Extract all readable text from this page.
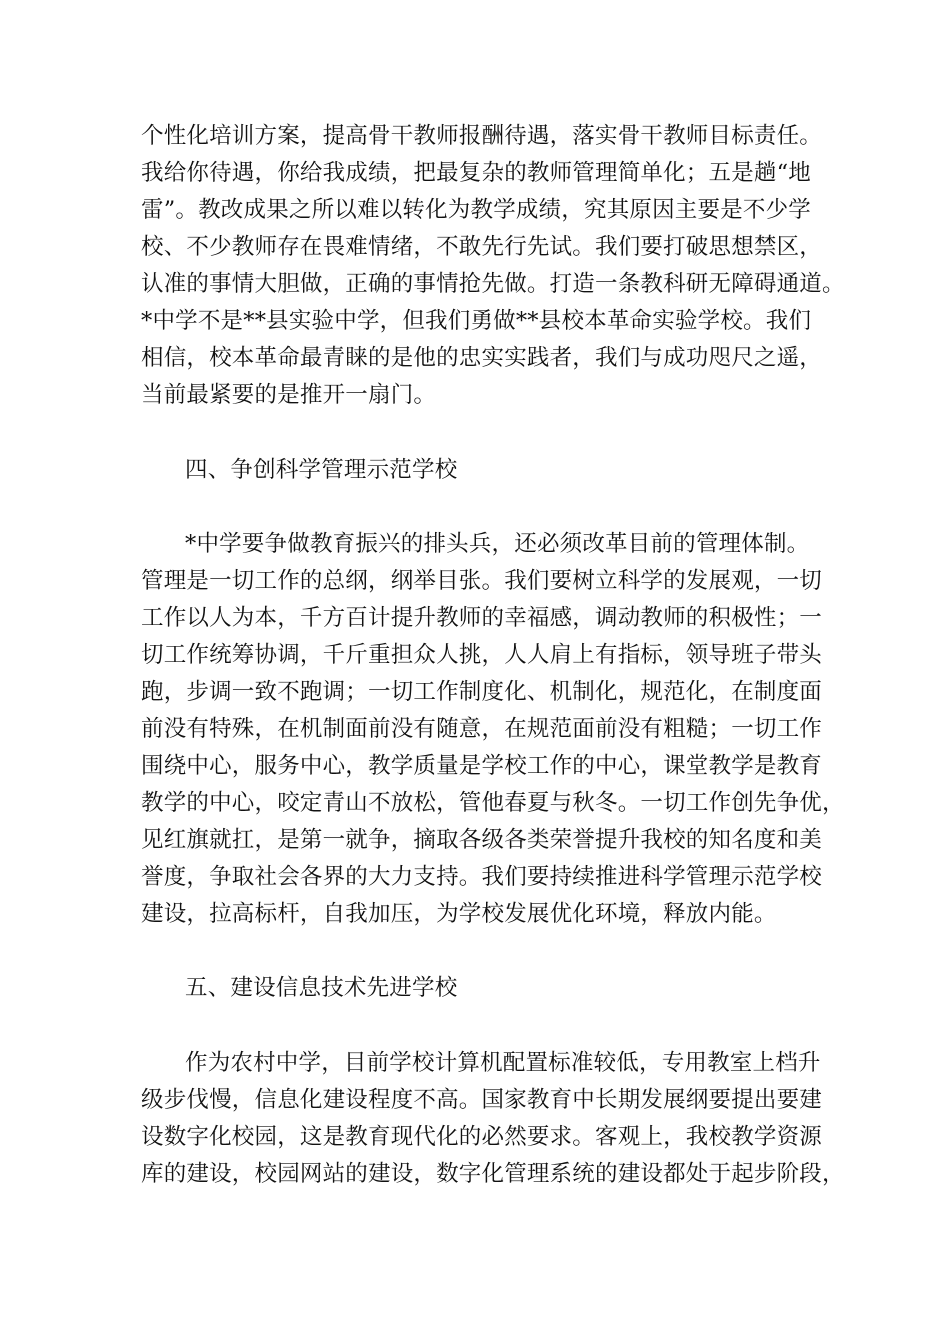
个性化培训方案，提高骨干教师报酬待遇，落实骨干教师目标责任。
我给你待遇，你给我成绩，把最复杂的教师管理简单化；五是趟“地
雷”。教改成果之所以难以转化为教学成绩，究其原因主要是不少学
校、不少教师存在畏难情绪，不敢先行先试。我们要打破思想禁区，
认准的事情大胆做，正确的事情抢先做。打造一条教科研无障碍通道。
*中学不是**县实验中学，但我们勇做**县校本革命实验学校。我们
相信，校本革命最青睐的是他的忠实实践者，我们与成功咫尺之遥，
当前最紧要的是推开一扇门。
四、争创科学管理示范学校
*中学要争做教育振兴的排头兵，还必须改革目前的管理体制。
管理是一切工作的总纲，纲举目张。我们要树立科学的发展观，一切
工作以人为本，千方百计提升教师的幸福感，调动教师的积极性；一
切工作统筹协调，千斤重担众人挑，人人肩上有指标，领导班子带头
跑，步调一致不跑调；一切工作制度化、机制化，规范化，在制度面
前没有特殊，在机制面前没有随意，在规范面前没有粗糙；一切工作
围绕中心，服务中心，教学质量是学校工作的中心，课堂教学是教育
教学的中心，咬定青山不放松，管他春夏与秋冬。一切工作创先争优，
见红旗就扛，是第一就争，摘取各级各类荣誉提升我校的知名度和美
誉度，争取社会各界的大力支持。我们要持续推进科学管理示范学校
建设，拉高标杆，自我加压，为学校发展优化环境，释放内能。
五、建设信息技术先进学校
作为农村中学，目前学校计算机配置标准较低，专用教室上档升
级步伐慢，信息化建设程度不高。国家教育中长期发展纲要提出要建
设数字化校园，这是教育现代化的必然要求。客观上，我校教学资源
库的建设，校园网站的建设，数字化管理系统的建设都处于起步阶段，
